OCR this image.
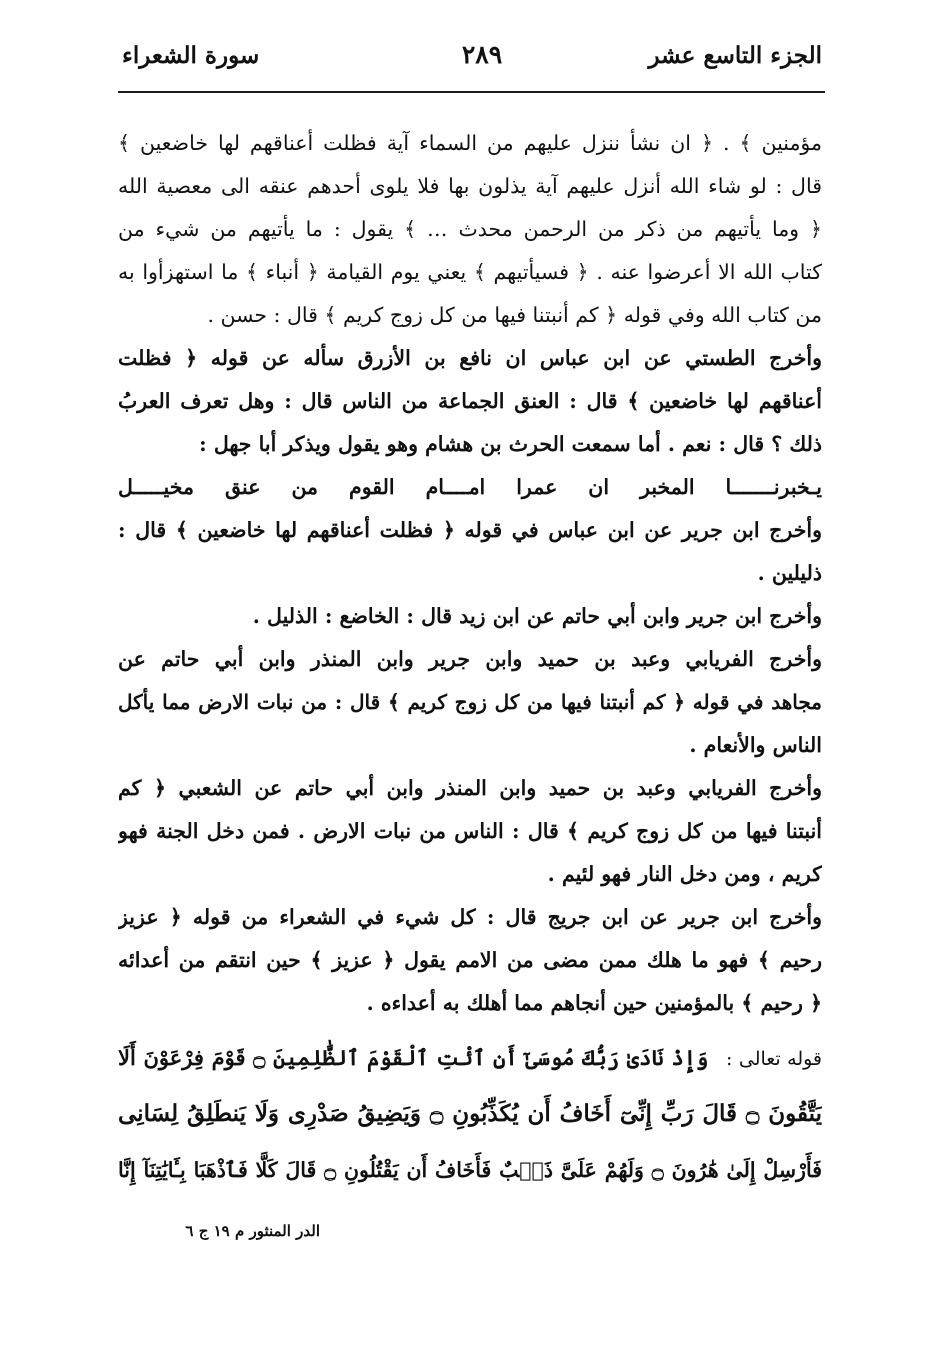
الجزء التاسع عشر
٢٨٩
سورة الشعراء
مؤمنين ﴾ . ﴿ ان نشأ ننزل عليهم من السماء آية فظلت أعناقهم لها خاضعين ﴾
قال : لو شاء الله أنزل عليهم آية يذلون بها فلا يلوى أحدهم عنقه الى معصية الله
﴿ وما يأتيهم من ذكر من الرحمن محدث … ﴾ يقول : ما يأتيهم من شيء من
كتاب الله الا أعرضوا عنه . ﴿ فسيأتيهم ﴾ يعني يوم القيامة ﴿ أنباء ﴾ ما استهزأوا به
من كتاب الله وفي قوله ﴿ كم أنبتنا فيها من كل زوج كريم ﴾ قال : حسن .
وأخرج الطستي عن ابن عباس ان نافع بن الأزرق سأله عن قوله ﴿ فظلت
أعناقهم لها خاضعين ﴾ قال : العنق الجماعة من الناس قال : وهل تعرف العربُ
ذلك ؟ قال : نعم . أما سمعت الحرث بن هشام وهو يقول ويذكر أبا جهل :
يـخبرنـــــــا المخبر ان عمرا امــــام القوم من عنق مخيـــــل
وأخرج ابن جرير عن ابن عباس في قوله ﴿ فظلت أعناقهم لها خاضعين ﴾ قال :
ذليلين .
وأخرج ابن جرير وابن أبي حاتم عن ابن زيد قال : الخاضع : الذليل .
وأخرج الفريابي وعبد بن حميد وابن جرير وابن المنذر وابن أبي حاتم عن
مجاهد في قوله ﴿ كم أنبتنا فيها من كل زوج كريم ﴾ قال : من نبات الارض مما يأكل
الناس والأنعام .
وأخرج الفريابي وعبد بن حميد وابن المنذر وابن أبي حاتم عن الشعبي ﴿ كم
أنبتنا فيها من كل زوج كريم ﴾ قال : الناس من نبات الارض . فمن دخل الجنة فهو
كريم ، ومن دخل النار فهو لئيم .
وأخرج ابن جرير عن ابن جريج قال : كل شيء في الشعراء من قوله ﴿ عزيز
رحيم ﴾ فهو ما هلك ممن مضى من الامم يقول ﴿ عزيز ﴾ حين انتقم من أعدائه
﴿ رحيم ﴾ بالمؤمنين حين أنجاهم مما أهلك به أعداءه .
قوله تعالى : وَإِذْ نَادَىٰ رَبُّكَ مُوسَىٰٓ أَنِ ٱئْتِ ٱلْقَوْمَ ٱلظَّٰلِمِينَ ۝ قَوْمَ فِرْعَوْنَ أَلَا
يَتَّقُونَ ۝ قَالَ رَبِّ إِنِّىٓ أَخَافُ أَن يُكَذِّبُونِ ۝ وَيَضِيقُ صَدْرِى وَلَا يَنطَلِقُ لِسَانِى
فَأَرْسِلْ إِلَىٰ هَٰرُونَ ۝ وَلَهُمْ عَلَىَّ ذَنۢبٌ فَأَخَافُ أَن يَقْتُلُونِ ۝ قَالَ كَلَّا فَٱذْهَبَا بِـَٔايَٰتِنَآ إِنَّا
الدر المنثور م ١٩ ج ٦
